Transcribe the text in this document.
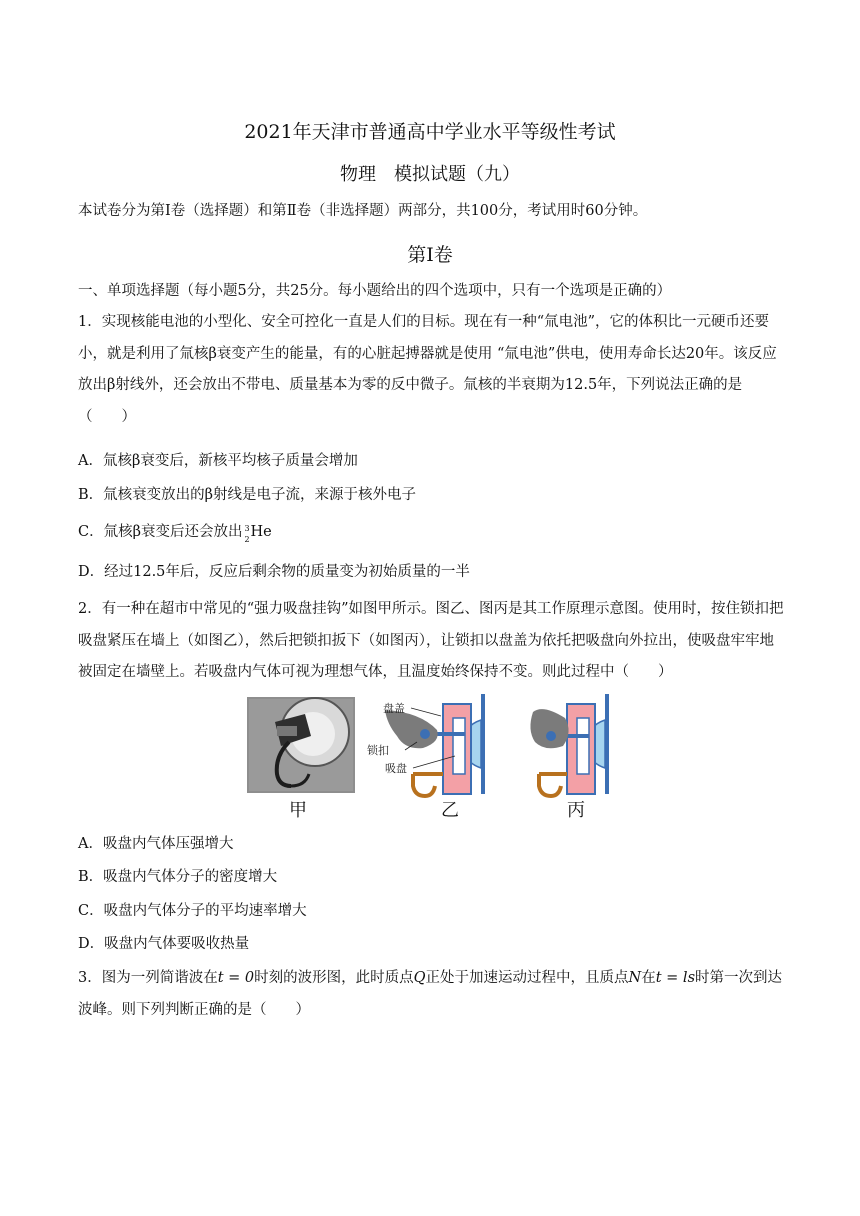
2021年天津市普通高中学业水平等级性考试
物理　模拟试题（九）
本试卷分为第Ⅰ卷（选择题）和第Ⅱ卷（非选择题）两部分，共100分，考试用时60分钟。
第Ⅰ卷
一、单项选择题（每小题5分，共25分。每小题给出的四个选项中，只有一个选项是正确的）
1．实现核能电池的小型化、安全可控化一直是人们的目标。现在有一种“氚电池”，它的体积比一元硬币还要小，就是利用了氚核β衰变产生的能量，有的心脏起搏器就是使用 “氚电池”供电，使用寿命长达20年。该反应放出β射线外，还会放出不带电、质量基本为零的反中微子。氚核的半衰期为12.5年，下列说法正确的是（　　）
A．氚核β衰变后，新核平均核子质量会增加
B．氚核衰变放出的β射线是电子流，来源于核外电子
C．氚核β衰变后还会放出 3
2 He
D．经过12.5年后，反应后剩余物的质量变为初始质量的一半
2．有一种在超市中常见的“强力吸盘挂钩”如图甲所示。图乙、图丙是其工作原理示意图。使用时，按住锁扣把吸盘紧压在墙上（如图乙），然后把锁扣扳下（如图丙），让锁扣以盘盖为依托把吸盘向外拉出，使吸盘牢牢地被固定在墙壁上。若吸盘内气体可视为理想气体，且温度始终保持不变。则此过程中（　　）
盘盖
锁扣
吸盘
甲	乙	丙
A．吸盘内气体压强增大
B．吸盘内气体分子的密度增大
C．吸盘内气体分子的平均速率增大
D．吸盘内气体要吸收热量
3．图为一列简谐波在t = 0时刻的波形图，此时质点Q正处于加速运动过程中，且质点N在t = ls时第一次到达波峰。则下列判断正确的是（　　）
